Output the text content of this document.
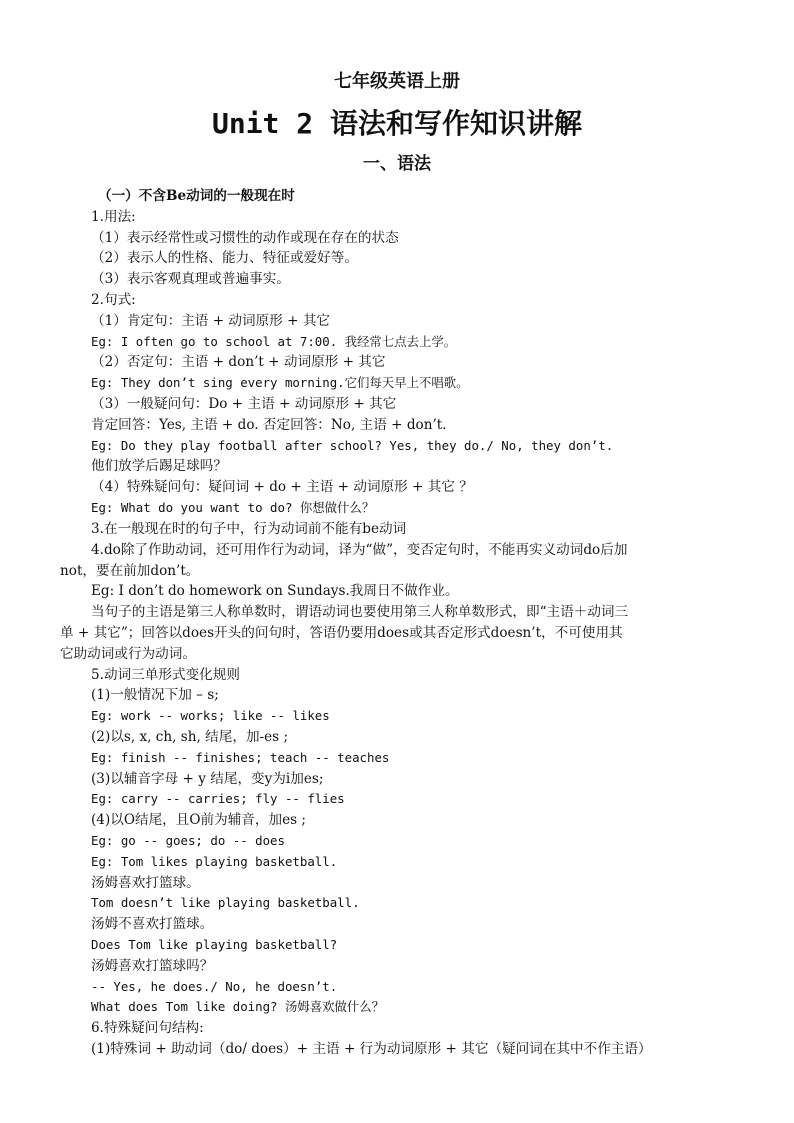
七年级英语上册
Unit 2 语法和写作知识讲解
一、语法
（一）不含Be动词的一般现在时
1.用法:
（1）表示经常性或习惯性的动作或现在存在的状态
（2）表示人的性格、能力、特征或爱好等。
（3）表示客观真理或普遍事实。
2.句式:
（1）肯定句：主语 + 动词原形 + 其它
Eg: I often go to school at 7:00. 我经常七点去上学。
（2）否定句：主语 + don’t + 动词原形 + 其它
Eg: They don’t sing every morning.它们每天早上不唱歌。
（3）一般疑问句：Do + 主语 + 动词原形 + 其它
肯定回答：Yes, 主语 + do. 否定回答：No, 主语 + don’t.
Eg: Do they play football after school? Yes, they do./ No, they don’t.
他们放学后踢足球吗？
（4）特殊疑问句：疑问词 + do + 主语 + 动词原形 + 其它 ？
Eg: What do you want to do? 你想做什么？
3.在一般现在时的句子中，行为动词前不能有be动词
4.do除了作助动词，还可用作行为动词，译为“做”，变否定句时，不能再实义动词do后加
not，要在前加don’t。
Eg: I don’t do homework on Sundays.我周日不做作业。
当句子的主语是第三人称单数时，谓语动词也要使用第三人称单数形式，即“主语＋动词三
单 + 其它”；回答以does开头的问句时，答语仍要用does或其否定形式doesn’t，不可使用其
它助动词或行为动词。
5.动词三单形式变化规则
(1)一般情况下加 – s;
Eg: work -- works; like -- likes
(2)以s, x, ch, sh, 结尾，加-es ;
Eg: finish -- finishes; teach -- teaches
(3)以辅音字母 + y 结尾，变y为i加es;
Eg: carry -- carries; fly -- flies
(4)以O结尾，且O前为辅音，加es ;
Eg: go -- goes; do -- does
Eg: Tom likes playing basketball.
汤姆喜欢打篮球。
Tom doesn’t like playing basketball.
汤姆不喜欢打篮球。
Does Tom like playing basketball?
汤姆喜欢打篮球吗？
-- Yes, he does./ No, he doesn’t.
What does Tom like doing? 汤姆喜欢做什么？
6.特殊疑问句结构:
(1)特殊词 + 助动词（do/ does）+ 主语 + 行为动词原形 + 其它（疑问词在其中不作主语）
